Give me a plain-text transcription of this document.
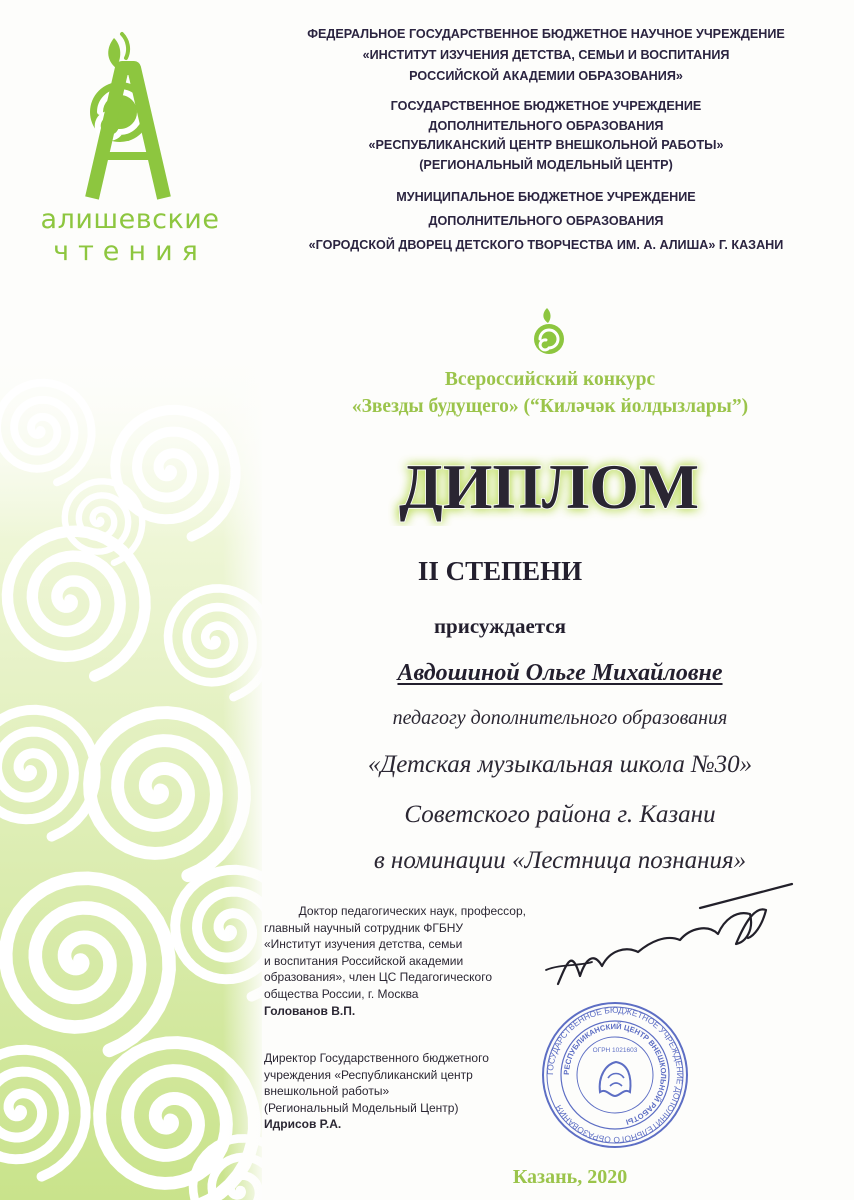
алишевские
чтения
ФЕДЕРАЛЬНОЕ ГОСУДАРСТВЕННОЕ БЮДЖЕТНОЕ НАУЧНОЕ УЧРЕЖДЕНИЕ
«ИНСТИТУТ ИЗУЧЕНИЯ ДЕТСТВА, СЕМЬИ И ВОСПИТАНИЯ
РОССИЙСКОЙ АКАДЕМИИ ОБРАЗОВАНИЯ»
ГОСУДАРСТВЕННОЕ БЮДЖЕТНОЕ УЧРЕЖДЕНИЕ
ДОПОЛНИТЕЛЬНОГО ОБРАЗОВАНИЯ
«РЕСПУБЛИКАНСКИЙ ЦЕНТР ВНЕШКОЛЬНОЙ РАБОТЫ»
(РЕГИОНАЛЬНЫЙ МОДЕЛЬНЫЙ ЦЕНТР)
МУНИЦИПАЛЬНОЕ БЮДЖЕТНОЕ УЧРЕЖДЕНИЕ
ДОПОЛНИТЕЛЬНОГО ОБРАЗОВАНИЯ
«ГОРОДСКОЙ ДВОРЕЦ ДЕТСКОГО ТВОРЧЕСТВА ИМ. А. АЛИША» Г. КАЗАНИ
Всероссийский конкурс
«Звезды будущего» (“Киләчәк йолдызлары”)
ДИПЛОМ
II СТЕПЕНИ
присуждается
Авдошиной Ольге Михайловне
педагогу дополнительного образования
«Детская музыкальная школа №30»
Советского района г. Казани
в номинации «Лестница познания»
Доктор педагогических наук, профессор,
главный научный сотрудник ФГБНУ
«Институт изучения детства, семьи
и воспитания Российской академии
образования», член ЦС Педагогического
общества России, г. Москва
Голованов В.П.
Директор Государственного бюджетного
учреждения «Республиканский центр
внешкольной работы»
(Региональный Модельный Центр)
Идрисов Р.А.
ГОСУДАРСТВЕННОЕ БЮДЖЕТНОЕ УЧРЕЖДЕНИЕ ДОПОЛНИТЕЛЬНОГО ОБРАЗОВАНИЯ
РЕСПУБЛИКАНСКИЙ ЦЕНТР ВНЕШКОЛЬНОЙ РАБОТЫ
ОГРН 1021603
Казань, 2020
